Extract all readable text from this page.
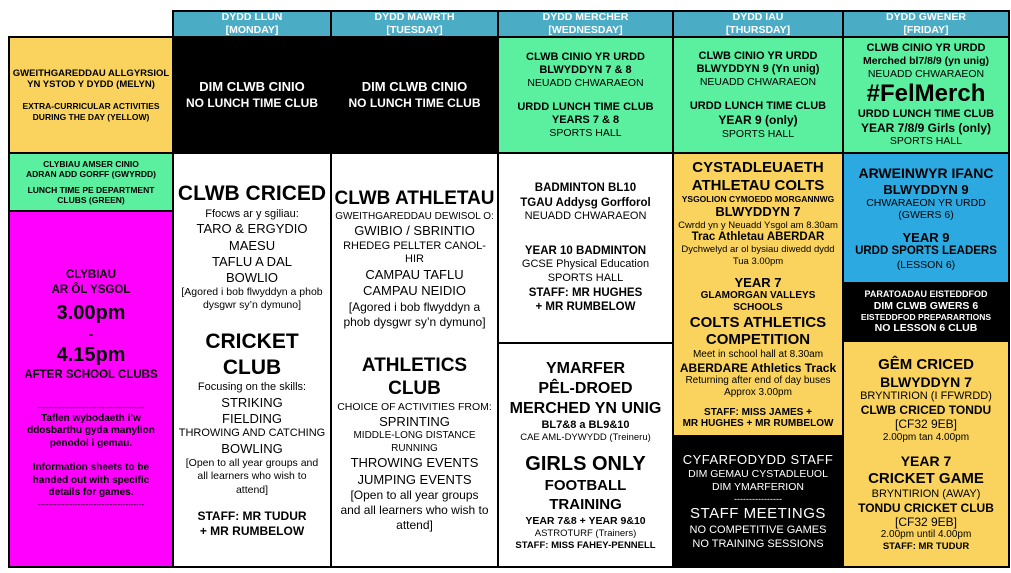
DYDD LLUN
[MONDAY]
DYDD MAWRTH
[TUESDAY]
DYDD MERCHER
[WEDNESDAY]
DYDD IAU
[THURSDAY]
DYDD GWENER
[FRIDAY]
GWEITHGAREDDAU ALLGYRSIOL
YN YSTOD Y DYDD (MELYN)
EXTRA-CURRICULAR ACTIVITIES
DURING THE DAY (YELLOW)
CLYBIAU AMSER CINIO
ADRAN ADD GORFF (GWYRDD)
LUNCH TIME PE DEPARTMENT
CLUBS (GREEN)
CLYBIAU
AR ÔL YSGOL
3.00pm
-
4.15pm
AFTER SCHOOL CLUBS
----------------------------------------
Taflen wybodaeth i’w ddosbarthu gyda manylion penodol i gemau.
Information sheets to be handed out with specific details for games.
----------------------------------------
DIM CLWB CINIO
NO LUNCH TIME CLUB
CLWB CRICED
Ffocws ar y sgiliau:
TARO & ERGYDIO
MAESU
TAFLU A DAL
BOWLIO
[Agored i bob flwyddyn a phob dysgwr sy’n dymuno]
CRICKET CLUB
Focusing on the skills:
STRIKING
FIELDING
THROWING AND CATCHING
BOWLING
[Open to all year groups and all learners who wish to attend]
STAFF: MR TUDUR
+ MR RUMBELOW
DIM CLWB CINIO
NO LUNCH TIME CLUB
CLWB ATHLETAU
GWEITHGAREDDAU DEWISOL O:
GWIBIO / SBRINTIO
RHEDEG PELLTER CANOL-HIR
CAMPAU TAFLU
CAMPAU NEIDIO
[Agored i bob flwyddyn a phob dysgwr sy’n dymuno]
ATHLETICS CLUB
CHOICE OF ACTIVITIES FROM:
SPRINTING
MIDDLE-LONG DISTANCE RUNNING
THROWING EVENTS
JUMPING EVENTS
[Open to all year groups and all learners who wish to attend]
CLWB CINIO YR URDD
BLWYDDYN 7 & 8
NEUADD CHWARAEON
URDD LUNCH TIME CLUB
YEARS 7 & 8
SPORTS HALL
BADMINTON BL10
TGAU Addysg Gorfforol
NEUADD CHWARAEON
YEAR 10 BADMINTON
GCSE Physical Education
SPORTS HALL
STAFF: MR HUGHES
+ MR RUMBELOW
YMARFER
PÊL-DROED
MERCHED YN UNIG
BL7&8 a BL9&10
CAE AML-DYWYDD (Treineru)
GIRLS ONLY
FOOTBALL
TRAINING
YEAR 7&8 + YEAR 9&10
ASTROTURF (Trainers)
STAFF: MISS FAHEY-PENNELL
CLWB CINIO YR URDD
BLWYDDYN 9 (Yn unig)
NEUADD CHWARAEON
URDD LUNCH TIME CLUB
YEAR 9 (only)
SPORTS HALL
CYSTADLEUAETH
ATHLETAU COLTS
YSGOLION CYMOEDD MORGANNWG
BLWYDDYN 7
Cwrdd yn y Neuadd Ysgol am 8.30am
Trac Athletau ABERDAR
Dychwelyd ar ol bysiau diwedd dydd
Tua 3.00pm
YEAR 7
GLAMORGAN VALLEYS SCHOOLS
COLTS ATHLETICS
COMPETITION
Meet in school hall at 8.30am
ABERDARE Athletics Track
Returning after end of day buses
Approx 3.00pm
STAFF: MISS JAMES +
MR HUGHES + MR RUMBELOW
CYFARFODYDD STAFF
DIM GEMAU CYSTADLEUOL
DIM YMARFERION
----------------
STAFF MEETINGS
NO COMPETITIVE GAMES
NO TRAINING SESSIONS
CLWB CINIO YR URDD
Merched bl7/8/9 (yn unig)
NEUADD CHWARAEON
#FelMerch
URDD LUNCH TIME CLUB
YEAR 7/8/9 Girls (only)
SPORTS HALL
ARWEINWYR IFANC
BLWYDDYN 9
CHWARAEON YR URDD
(GWERS 6)
YEAR 9
URDD SPORTS LEADERS
(LESSON 6)
PARATOADAU EISTEDDFOD
DIM CLWB GWERS 6
EISTEDDFOD PREPARARTIONS
NO LESSON 6 CLUB
GÊM CRICED
BLWYDDYN 7
BRYNTIRION (I FFWRDD)
CLWB CRICED TONDU
[CF32 9EB]
2.00pm tan 4.00pm
YEAR 7
CRICKET GAME
BRYNTIRION (AWAY)
TONDU CRICKET CLUB
[CF32 9EB]
2.00pm until 4.00pm
STAFF: MR TUDUR
